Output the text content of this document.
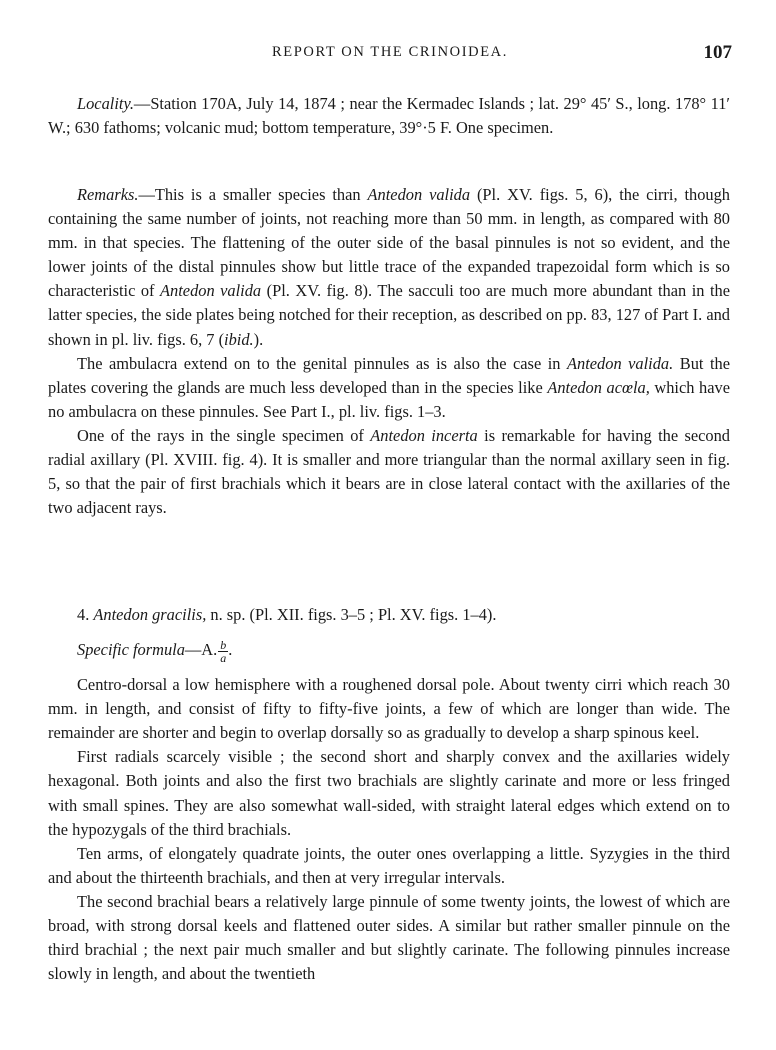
REPORT ON THE CRINOIDEA.	107

Locality.—Station 170A, July 14, 1874 ; near the Kermadec Islands ; lat. 29° 45′ S., long. 178° 11′ W.; 630 fathoms; volcanic mud; bottom temperature, 39°·5 F. One specimen.

Remarks.—This is a smaller species than Antedon valida (Pl. XV. figs. 5, 6), the cirri, though containing the same number of joints, not reaching more than 50 mm. in length, as compared with 80 mm. in that species. The flattening of the outer side of the basal pinnules is not so evident, and the lower joints of the distal pinnules show but little trace of the expanded trapezoidal form which is so characteristic of Antedon valida (Pl. XV. fig. 8). The sacculi too are much more abundant than in the latter species, the side plates being notched for their reception, as described on pp. 83, 127 of Part I. and shown in pl. liv. figs. 6, 7 (ibid.).

The ambulacra extend on to the genital pinnules as is also the case in Antedon valida. But the plates covering the glands are much less developed than in the species like Antedon acœla, which have no ambulacra on these pinnules. See Part I., pl. liv. figs. 1–3.

One of the rays in the single specimen of Antedon incerta is remarkable for having the second radial axillary (Pl. XVIII. fig. 4). It is smaller and more triangular than the normal axillary seen in fig. 5, so that the pair of first brachials which it bears are in close lateral contact with the axillaries of the two adjacent rays.

4. Antedon gracilis, n. sp. (Pl. XII. figs. 3–5 ; Pl. XV. figs. 1–4).

Specific formula—A. $\frac{b}{a}$ .

Centro-dorsal a low hemisphere with a roughened dorsal pole. About twenty cirri which reach 30 mm. in length, and consist of fifty to fifty-five joints, a few of which are longer than wide. The remainder are shorter and begin to overlap dorsally so as gradually to develop a sharp spinous keel.

First radials scarcely visible ; the second short and sharply convex and the axillaries widely hexagonal. Both joints and also the first two brachials are slightly carinate and more or less fringed with small spines. They are also somewhat wall-sided, with straight lateral edges which extend on to the hypozygals of the third brachials.

Ten arms, of elongately quadrate joints, the outer ones overlapping a little. Syzygies in the third and about the thirteenth brachials, and then at very irregular intervals.

The second brachial bears a relatively large pinnule of some twenty joints, the lowest of which are broad, with strong dorsal keels and flattened outer sides. A similar but rather smaller pinnule on the third brachial ; the next pair much smaller and but slightly carinate. The following pinnules increase slowly in length, and about the twentieth
